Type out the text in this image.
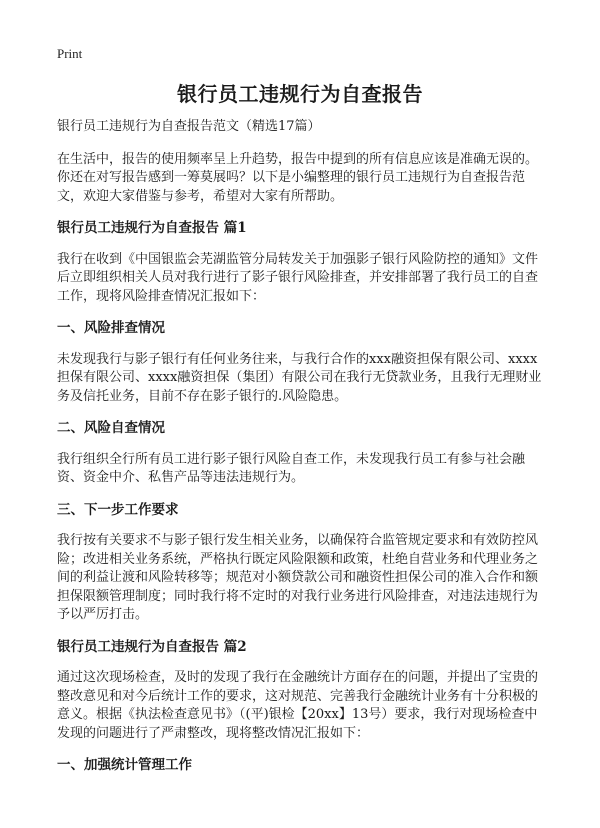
Print
银行员工违规行为自查报告

银行员工违规行为自查报告范文（精选17篇）

在生活中，报告的使用频率呈上升趋势，报告中提到的所有信息应该是准确无误的。你还在对写报告感到一筹莫展吗？以下是小编整理的银行员工违规行为自查报告范文，欢迎大家借鉴与参考，希望对大家有所帮助。

银行员工违规行为自查报告 篇1

我行在收到《中国银监会芜湖监管分局转发关于加强影子银行风险防控的通知》文件后立即组织相关人员对我行进行了影子银行风险排查，并安排部署了我行员工的自查工作，现将风险排查情况汇报如下：

一、风险排查情况

未发现我行与影子银行有任何业务往来，与我行合作的xxx融资担保有限公司、xxxx担保有限公司、xxxx融资担保（集团）有限公司在我行无贷款业务，且我行无理财业务及信托业务，目前不存在影子银行的.风险隐患。

二、风险自查情况

我行组织全行所有员工进行影子银行风险自查工作，未发现我行员工有参与社会融资、资金中介、私售产品等违法违规行为。

三、下一步工作要求

我行按有关要求不与影子银行发生相关业务，以确保符合监管规定要求和有效防控风险；改进相关业务系统，严格执行既定风险限额和政策，杜绝自营业务和代理业务之间的利益让渡和风险转移等；规范对小额贷款公司和融资性担保公司的准入合作和额担保限额管理制度；同时我行将不定时的对我行业务进行风险排查，对违法违规行为予以严厉打击。

银行员工违规行为自查报告 篇2

通过这次现场检查，及时的发现了我行在金融统计方面存在的问题，并提出了宝贵的整改意见和对今后统计工作的要求，这对规范、完善我行金融统计业务有十分积极的意义。根据《执法检查意见书》（(平)银检【20xx】13号）要求，我行对现场检查中发现的问题进行了严肃整改，现将整改情况汇报如下：

一、加强统计管理工作
